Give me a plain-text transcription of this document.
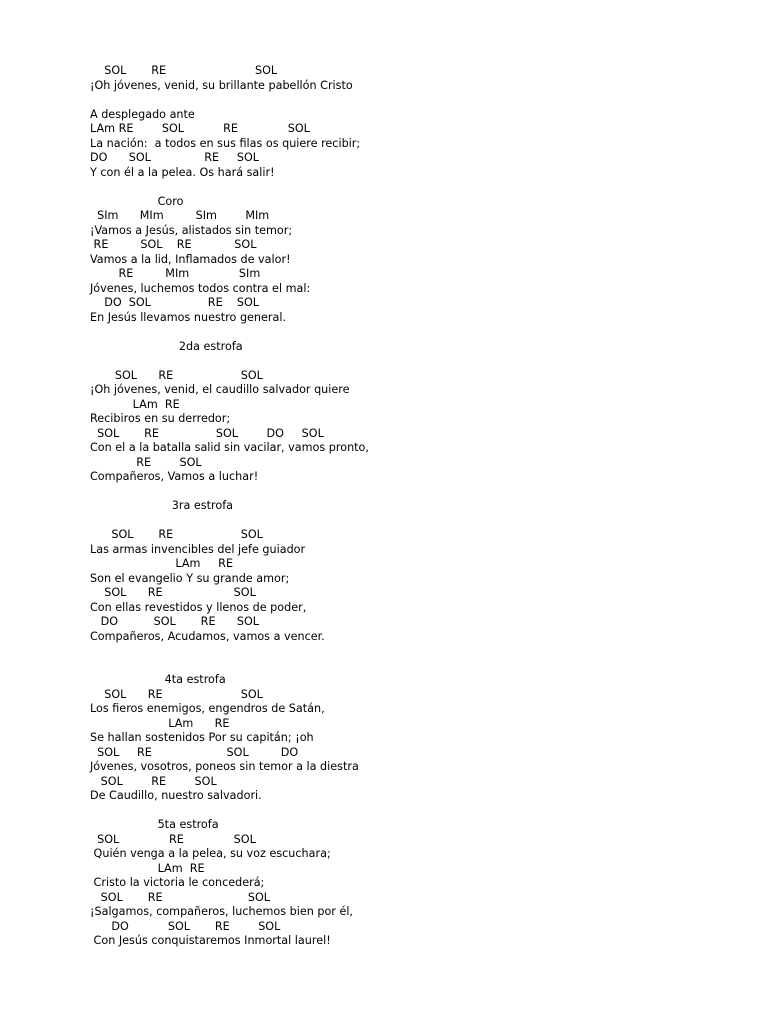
SOL       RE                         SOL
¡Oh jóvenes, venid, su brillante pabellón Cristo
A desplegado ante
LAm RE        SOL           RE              SOL
La nación:  a todos en sus filas os quiere recibir;
DO      SOL               RE     SOL
Y con él a la pelea. Os hará salir!
Coro
SIm      MIm         SIm        MIm
¡Vamos a Jesús, alistados sin temor;
RE         SOL    RE            SOL
Vamos a la lid, Inflamados de valor!
RE         MIm              SIm
Jóvenes, luchemos todos contra el mal:
DO  SOL                RE    SOL
En Jesús llevamos nuestro general.
2da estrofa
SOL      RE                   SOL
¡Oh jóvenes, venid, el caudillo salvador quiere
LAm  RE
Recibiros en su derredor;
SOL       RE                SOL        DO     SOL
Con el a la batalla salid sin vacilar, vamos pronto,
RE        SOL
Compañeros, Vamos a luchar!
3ra estrofa
SOL       RE                   SOL
Las armas invencibles del jefe guiador
LAm     RE
Son el evangelio Y su grande amor;
SOL      RE                    SOL
Con ellas revestidos y llenos de poder,
DO          SOL       RE      SOL
Compañeros, Acudamos, vamos a vencer.
4ta estrofa
SOL      RE                      SOL
Los fieros enemigos, engendros de Satán,
LAm      RE
Se hallan sostenidos Por su capitán; ¡oh
SOL     RE                     SOL         DO
Jóvenes, vosotros, poneos sin temor a la diestra
SOL        RE        SOL
De Caudillo, nuestro salvadori.
5ta estrofa
SOL              RE              SOL
Quién venga a la pelea, su voz escuchara;
LAm  RE
Cristo la victoria le concederá;
SOL       RE                        SOL
¡Salgamos, compañeros, luchemos bien por él,
DO           SOL       RE        SOL
Con Jesús conquistaremos Inmortal laurel!
